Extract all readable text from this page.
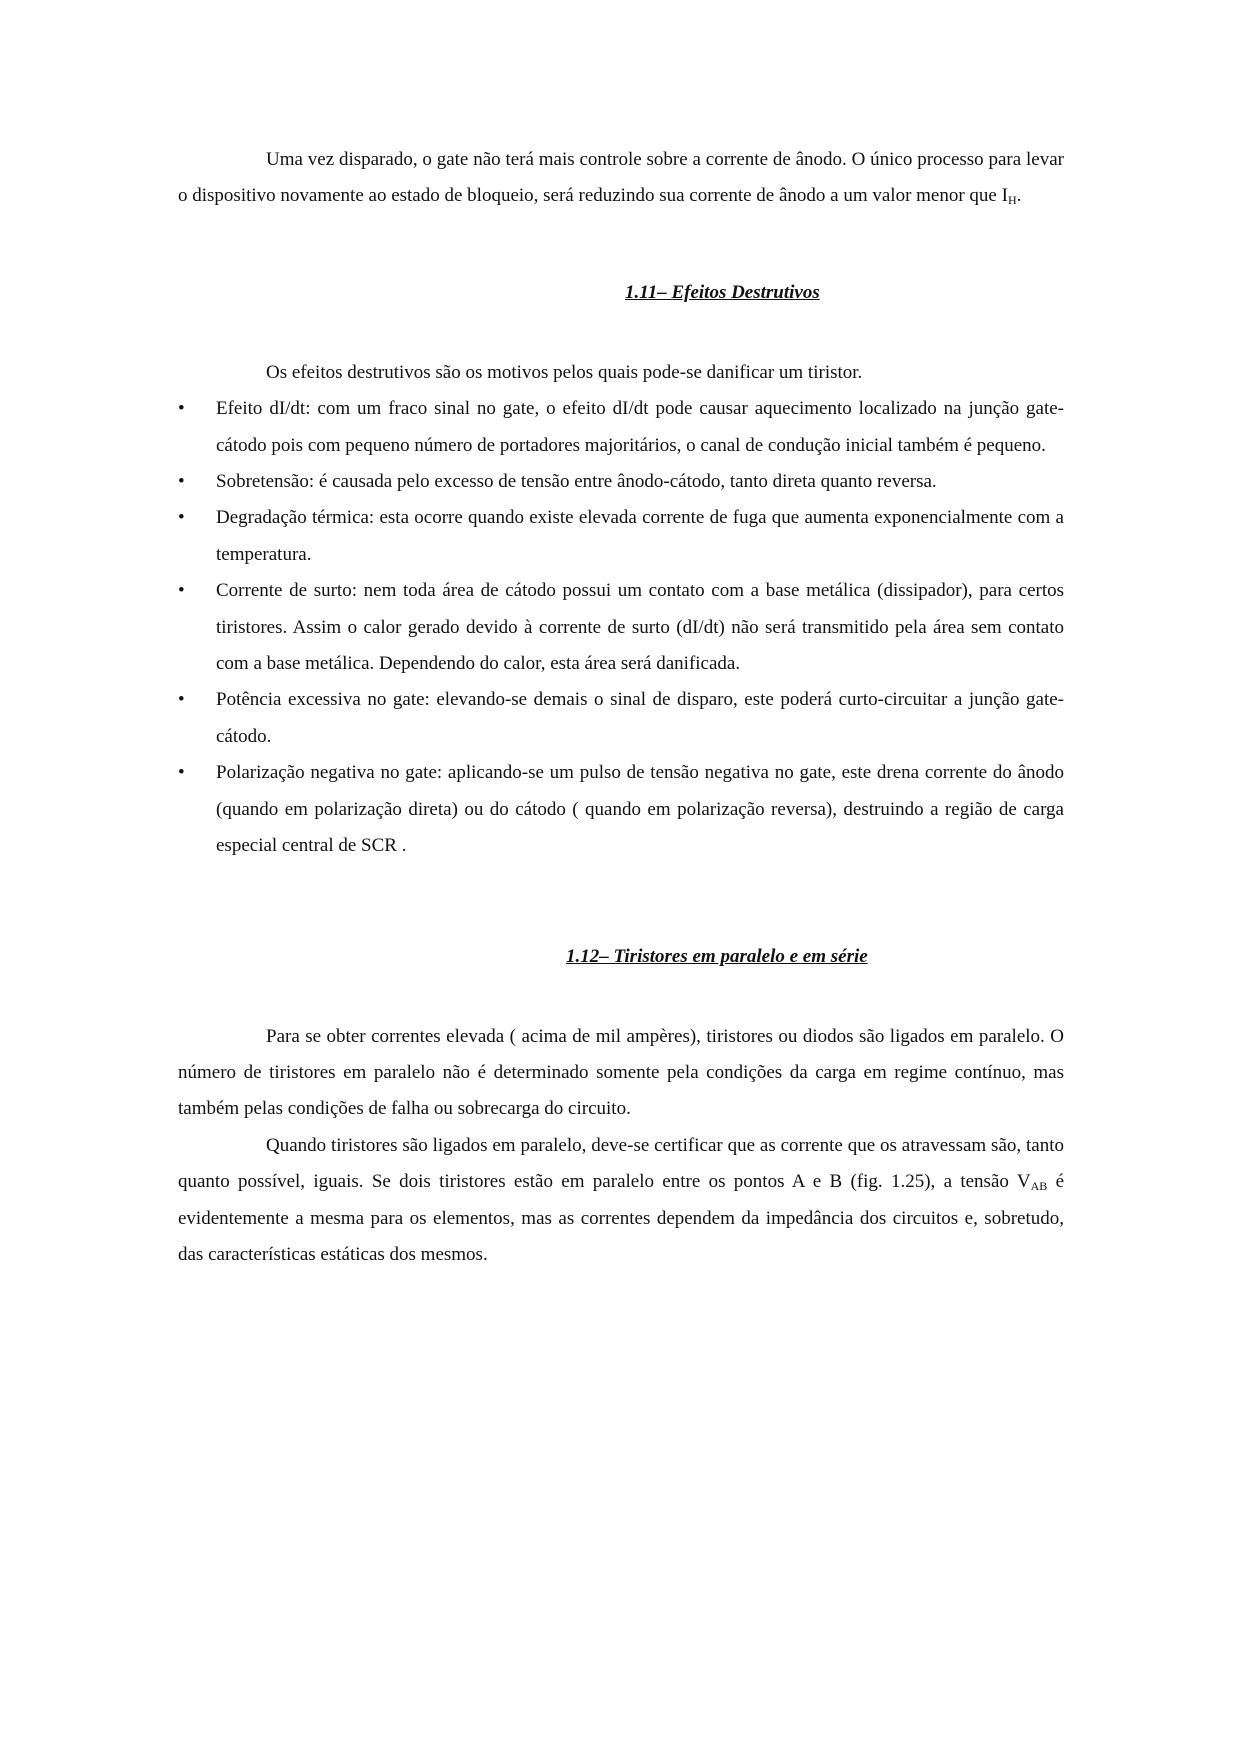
Uma vez disparado, o gate não terá mais controle sobre a corrente de ânodo. O único processo para levar o dispositivo novamente ao estado de bloqueio, será reduzindo sua corrente de ânodo a um valor menor que $I_H$.

1.11– Efeitos Destrutivos

Os efeitos destrutivos são os motivos pelos quais pode-se danificar um tiristor.

•	Efeito dI/dt: com um fraco sinal no gate, o efeito dI/dt pode causar aquecimento localizado na junção gate-cátodo pois com pequeno número de portadores majoritários, o canal de condução inicial também é pequeno.
•	Sobretensão: é causada pelo excesso de tensão entre ânodo-cátodo, tanto direta quanto reversa.
•	Degradação térmica: esta ocorre quando existe elevada corrente de fuga que aumenta exponencialmente com a temperatura.
•	Corrente de surto: nem toda área de cátodo possui um contato com a base metálica (dissipador), para certos tiristores. Assim o calor gerado devido à corrente de surto (dI/dt) não será transmitido pela área sem contato com a base metálica. Dependendo do calor, esta área será danificada.
•	Potência excessiva no gate: elevando-se demais o sinal de disparo, este poderá curto-circuitar a junção gate-cátodo.
•	Polarização negativa no gate: aplicando-se um pulso de tensão negativa no gate, este drena corrente do ânodo (quando em polarização direta) ou do cátodo ( quando em polarização reversa), destruindo a região de carga especial central de SCR .
1.12– Tiristores em paralelo e em série

Para se obter correntes elevada ( acima de mil ampères), tiristores ou diodos são ligados em paralelo. O número de tiristores em paralelo não é determinado somente pela condições da carga em regime contínuo, mas também pelas condições de falha ou sobrecarga do circuito.

Quando tiristores são ligados em paralelo, deve-se certificar que as corrente que os atravessam são, tanto quanto possível, iguais. Se dois tiristores estão em paralelo entre os pontos A e B (fig. 1.25), a tensão $V_{AB}$ é evidentemente a mesma para os elementos, mas as correntes dependem da impedância dos circuitos e, sobretudo, das características estáticas dos mesmos.
